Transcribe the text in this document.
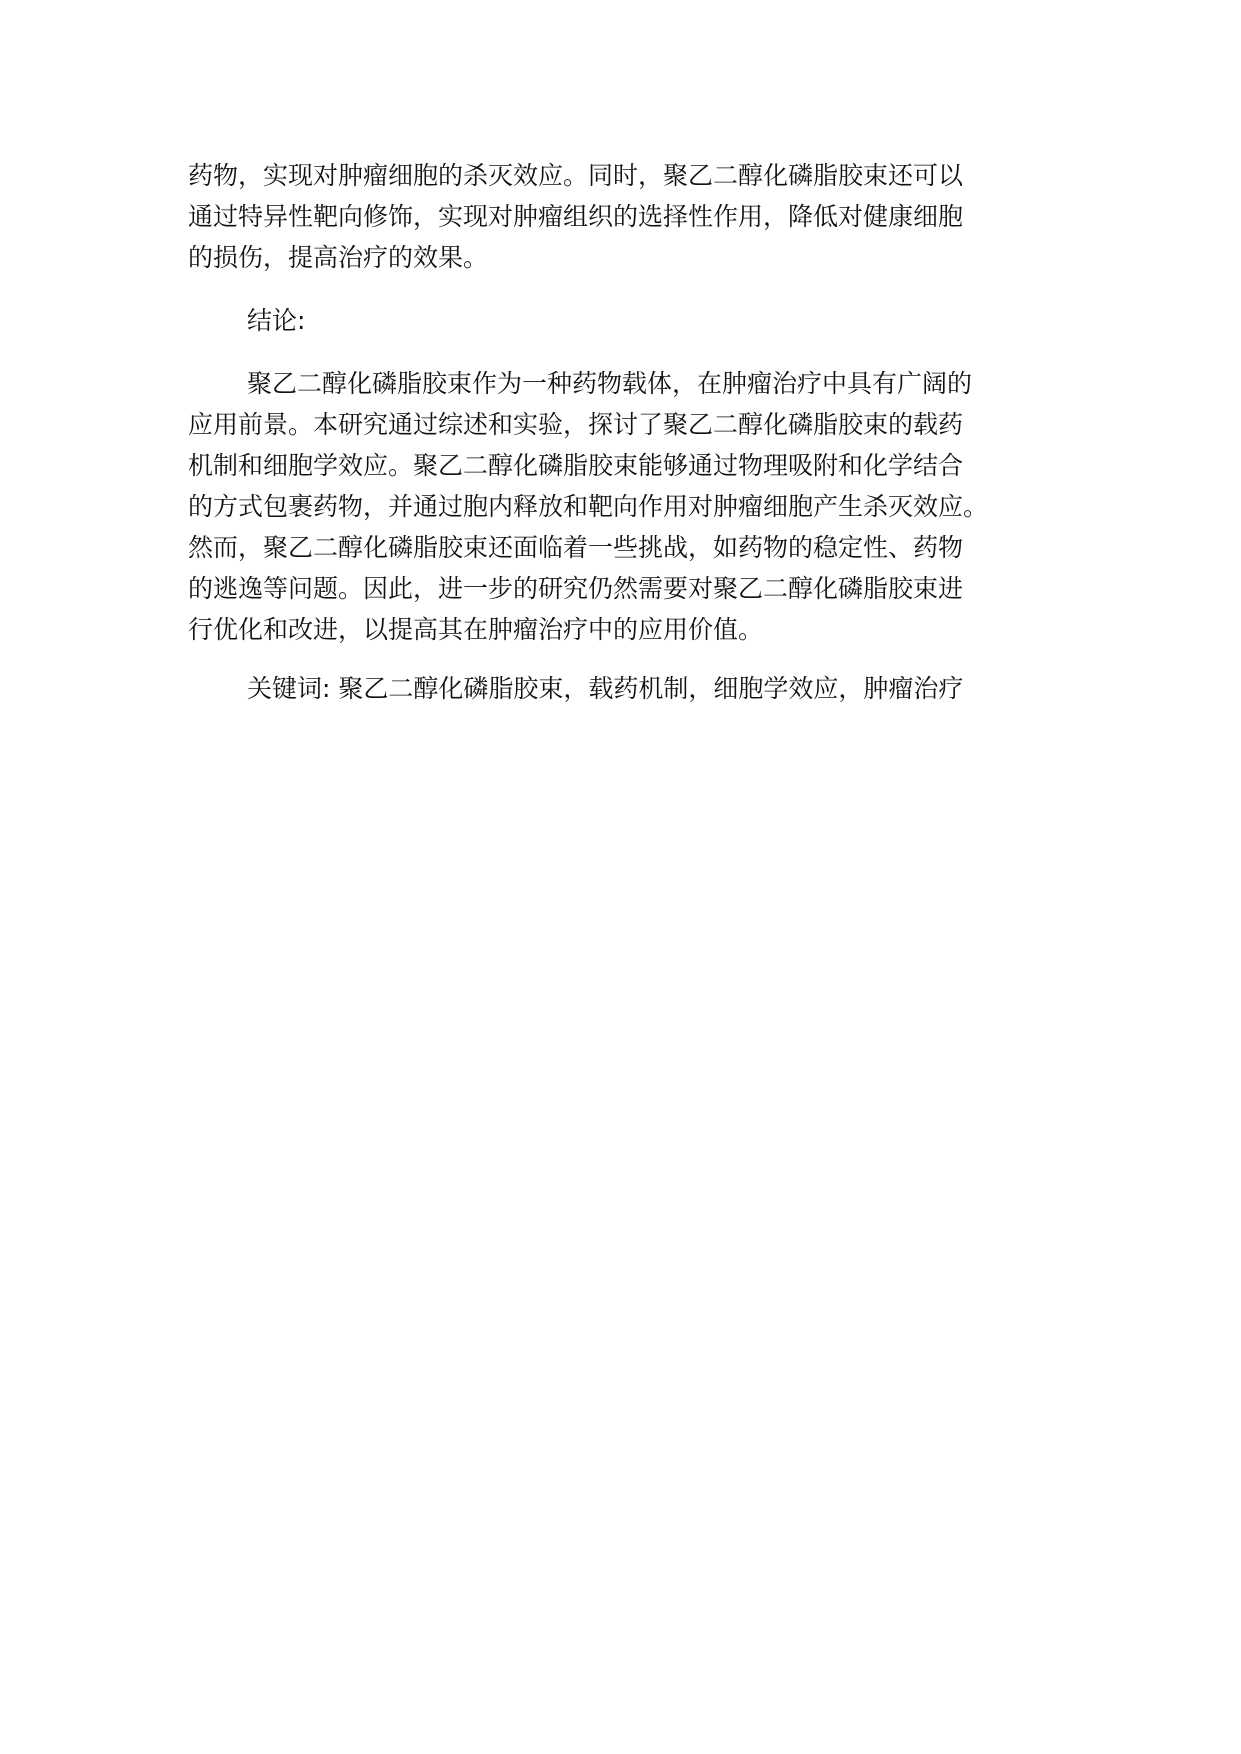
药物，实现对肿瘤细胞的杀灭效应。同时，聚乙二醇化磷脂胶束还可以
通过特异性靶向修饰，实现对肿瘤组织的选择性作用，降低对健康细胞
的损伤，提高治疗的效果。
结论:
聚乙二醇化磷脂胶束作为一种药物载体，在肿瘤治疗中具有广阔的
应用前景。本研究通过综述和实验，探讨了聚乙二醇化磷脂胶束的载药
机制和细胞学效应。聚乙二醇化磷脂胶束能够通过物理吸附和化学结合
的方式包裹药物，并通过胞内释放和靶向作用对肿瘤细胞产生杀灭效应。
然而，聚乙二醇化磷脂胶束还面临着一些挑战，如药物的稳定性、药物
的逃逸等问题。因此，进一步的研究仍然需要对聚乙二醇化磷脂胶束进
行优化和改进，以提高其在肿瘤治疗中的应用价值。
关键词: 聚乙二醇化磷脂胶束，载药机制，细胞学效应，肿瘤治疗
